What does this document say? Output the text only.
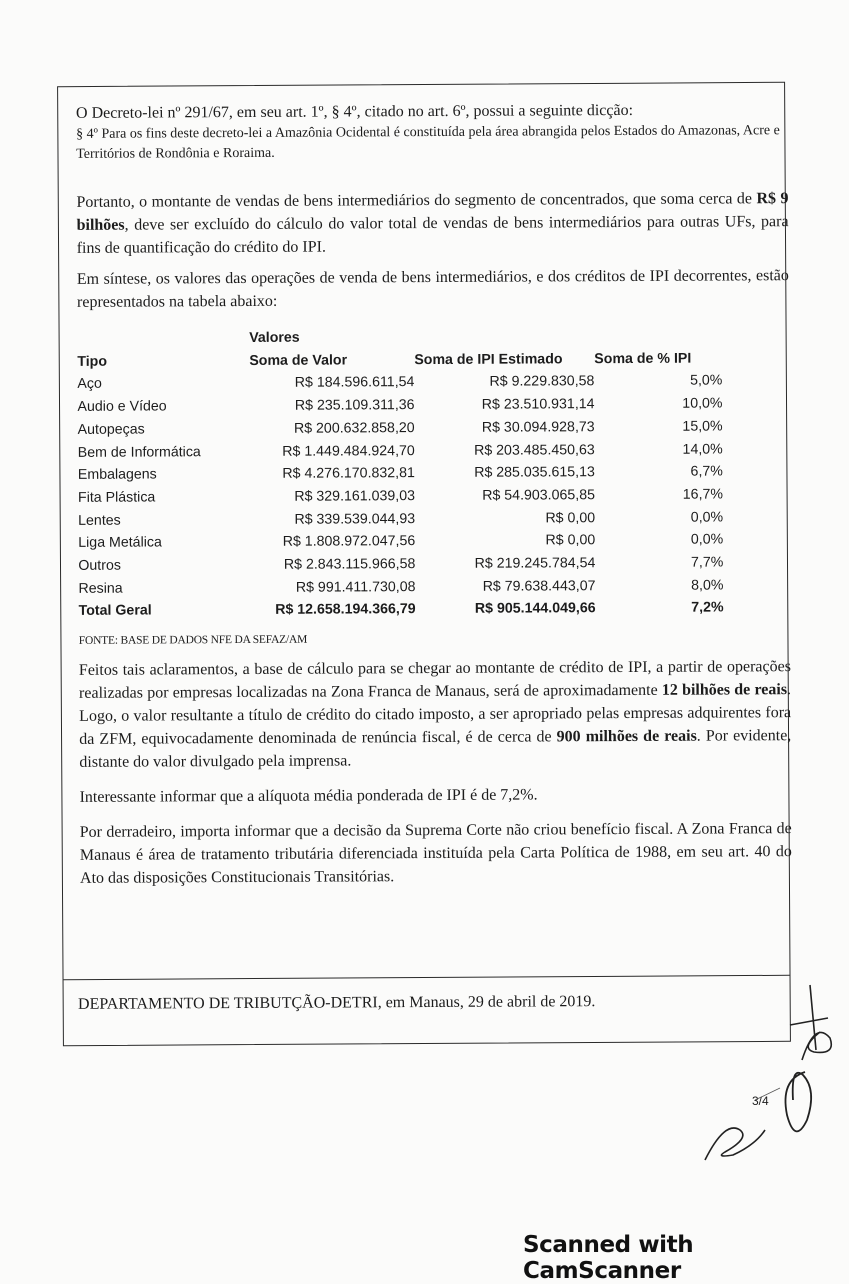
O Decreto-lei nº 291/67, em seu art. 1º, § 4º, citado no art. 6º, possui a seguinte dicção:

§ 4º Para os fins deste decreto-lei a Amazônia Ocidental é constituída pela área abrangida pelos Estados do Amazonas, Acre e Territórios de Rondônia e Roraima.

Portanto, o montante de vendas de bens intermediários do segmento de concentrados, que soma cerca de R$ 9 bilhões, deve ser excluído do cálculo do valor total de vendas de bens intermediários para outras UFs, para fins de quantificação do crédito do IPI.

Em síntese, os valores das operações de venda de bens intermediários, e dos créditos de IPI decorrentes, estão representados na tabela abaixo:

	Valores		
Tipo	Soma de Valor	Soma de IPI Estimado	Soma de % IPI
Aço	R$ 184.596.611,54	R$ 9.229.830,58	5,0%
Audio e Vídeo	R$ 235.109.311,36	R$ 23.510.931,14	10,0%
Autopeças	R$ 200.632.858,20	R$ 30.094.928,73	15,0%
Bem de Informática	R$ 1.449.484.924,70	R$ 203.485.450,63	14,0%
Embalagens	R$ 4.276.170.832,81	R$ 285.035.615,13	6,7%
Fita Plástica	R$ 329.161.039,03	R$ 54.903.065,85	16,7%
Lentes	R$ 339.539.044,93	R$ 0,00	0,0%
Liga Metálica	R$ 1.808.972.047,56	R$ 0,00	0,0%
Outros	R$ 2.843.115.966,58	R$ 219.245.784,54	7,7%
Resina	R$ 991.411.730,08	R$ 79.638.443,07	8,0%
Total Geral	R$ 12.658.194.366,79	R$ 905.144.049,66	7,2%

FONTE: BASE DE DADOS NFE DA SEFAZ/AM

Feitos tais aclaramentos, a base de cálculo para se chegar ao montante de crédito de IPI, a partir de operações realizadas por empresas localizadas na Zona Franca de Manaus, será de aproximadamente 12 bilhões de reais. Logo, o valor resultante a título de crédito do citado imposto, a ser apropriado pelas empresas adquirentes fora da ZFM, equivocadamente denominada de renúncia fiscal, é de cerca de 900 milhões de reais. Por evidente, distante do valor divulgado pela imprensa.

Interessante informar que a alíquota média ponderada de IPI é de 7,2%.

Por derradeiro, importa informar que a decisão da Suprema Corte não criou benefício fiscal. A Zona Franca de Manaus é área de tratamento tributária diferenciada instituída pela Carta Política de 1988, em seu art. 40 do Ato das disposições Constitucionais Transitórias.

DEPARTAMENTO DE TRIBUTÇÃO-DETRI, em Manaus, 29 de abril de 2019.
3/4
Scanned with CamScanner
